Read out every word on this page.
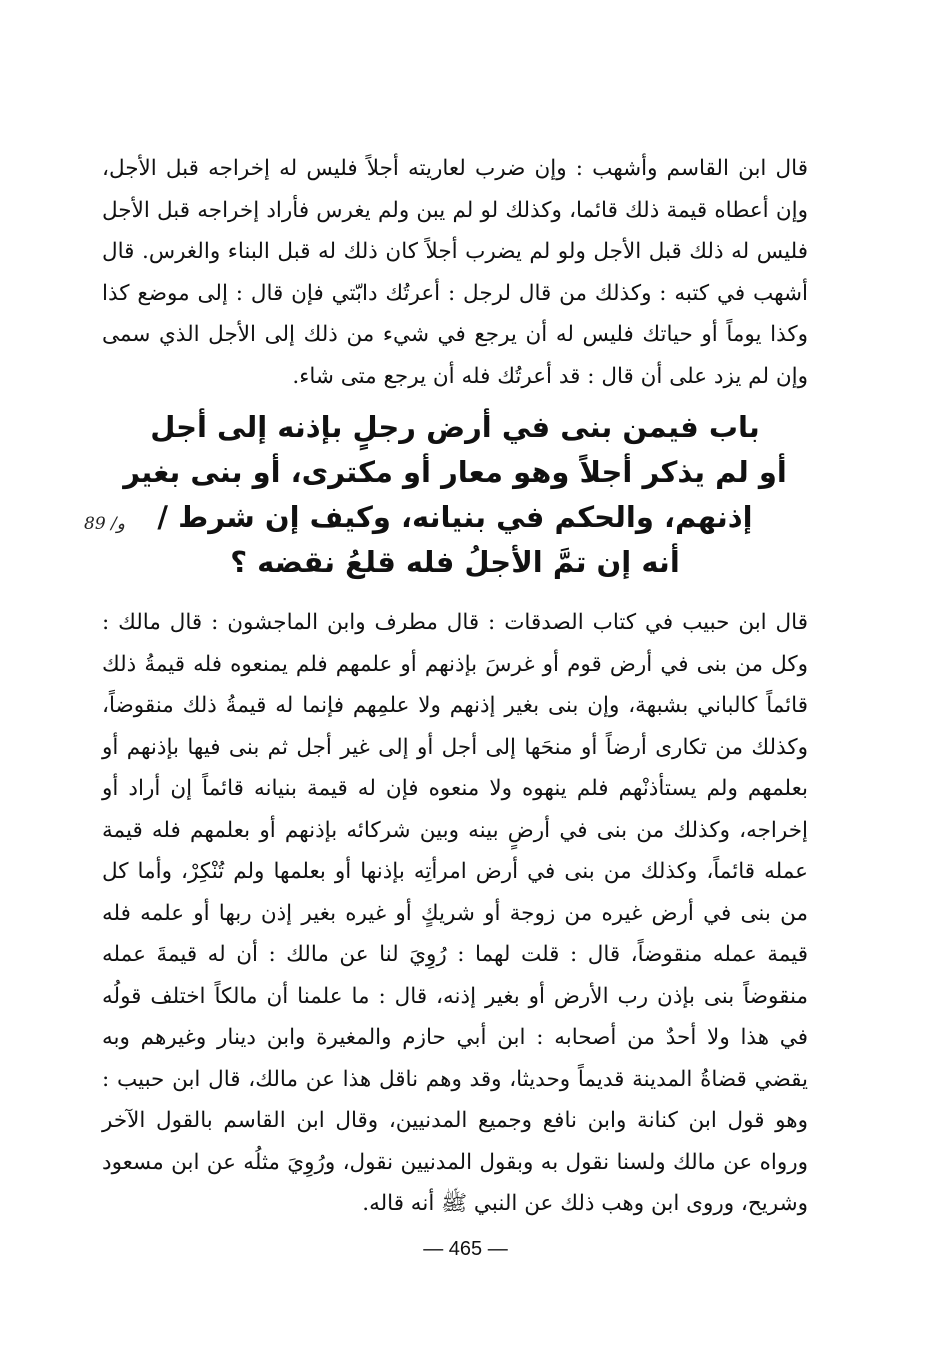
قال ابن القاسم وأشهب : وإن ضرب لعاريته أجلاً فليس له إخراجه قبل الأجل، وإن أعطاه قيمة ذلك قائما، وكذلك لو لم يبن ولم يغرس فأراد إخراجه قبل الأجل فليس له ذلك قبل الأجل ولو لم يضرب أجلاً كان ذلك له قبل البناء والغرس. قال أشهب في كتبه : وكذلك من قال لرجل : أعرتُك دابّتي فإن قال : إلى موضع كذا وكذا يوماً أو حياتك فليس له أن يرجع في شيء من ذلك إلى الأجل الذي سمى وإن لم يزد على أن قال : قد أعرتُك فله أن يرجع متى شاء.

باب فيمن بنى في أرض رجلٍ بإذنه إلى أجل
أو لم يذكر أجلاً وهو معار أو مكترى، أو بنى بغير
إذنهم، والحكم في بنيانه، وكيف إن شرط /
أنه إن تمَّ الأجلُ فله قلعُ نقضه ؟
89 /و

قال ابن حبيب في كتاب الصدقات : قال مطرف وابن الماجشون : قال مالك : وكل من بنى في أرض قوم أو غرسَ بإذنهم أو علمهم فلم يمنعوه فله قيمةُ ذلك قائماً كالباني بشبهة، وإن بنى بغير إذنهم ولا علمِهم فإنما له قيمةُ ذلك منقوضاً، وكذلك من تكارى أرضاً أو منحَها إلى أجل أو إلى غير أجل ثم بنى فيها بإذنهم أو بعلمهم ولم يستأذنْهم فلم ينهوه ولا منعوه فإن له قيمة بنيانه قائماً إن أراد أو إخراجه، وكذلك من بنى في أرضٍ بينه وبين شركائه بإذنهم أو بعلمهم فله قيمة عمله قائماً، وكذلك من بنى في أرض امرأتِه بإذنها أو بعلمها ولم تُنْكِرْ، وأما كل من بنى في أرض غيره من زوجة أو شريكٍ أو غيره بغير إذن ربها أو علمه فله قيمة عمله منقوضاً، قال : قلت لهما : رُوِيَ لنا عن مالك : أن له قيمةَ عمله منقوضاً بنى بإذن رب الأرض أو بغير إذنه، قال : ما علمنا أن مالكاً اختلف قولُه في هذا ولا أحدٌ من أصحابه : ابن أبي حازم والمغيرة وابن دينار وغيرهم وبه يقضي قضاةُ المدينة قديماً وحديثا، وقد وهم ناقل هذا عن مالك، قال ابن حبيب : وهو قول ابن كنانة وابن نافع وجميع المدنيين، وقال ابن القاسم بالقول الآخر ورواه عن مالك ولسنا نقول به وبقول المدنيين نقول، ورُوِيَ مثلُه عن ابن مسعود وشريح، وروى ابن وهب ذلك عن النبي ﷺ أنه قاله.

— 465 —
